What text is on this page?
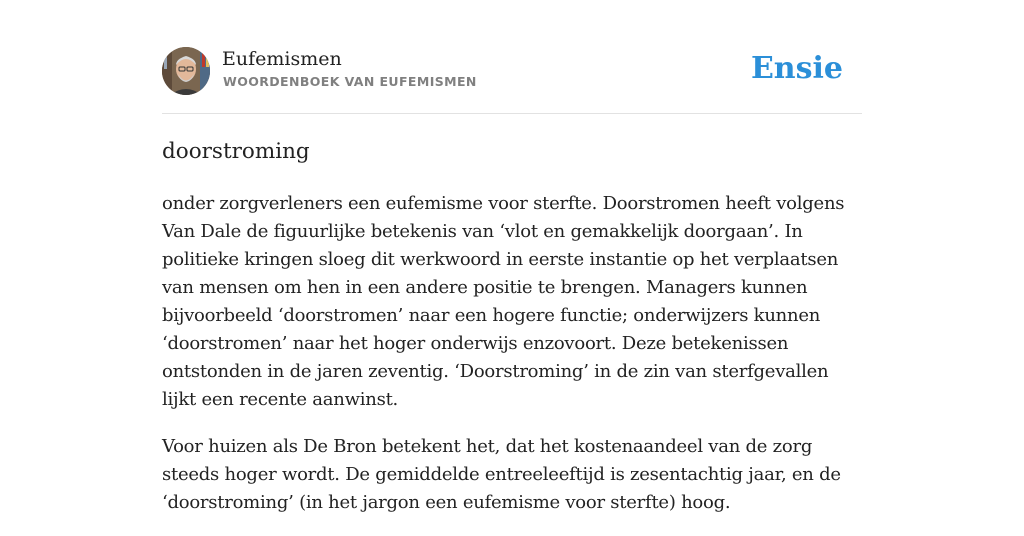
Eufemismen
WOORDENBOEK VAN EUFEMISMEN	Ensie
doorstroming

onder zorgverleners een eufemisme voor sterfte. Doorstromen heeft volgens Van Dale de figuurlijke betekenis van ‘vlot en gemakkelijk doorgaan’. In politieke kringen sloeg dit werkwoord in eerste instantie op het verplaatsen van mensen om hen in een andere positie te brengen. Managers kunnen bijvoorbeeld ‘doorstromen’ naar een hogere functie; onderwijzers kunnen ‘doorstromen’ naar het hoger onderwijs enzovoort. Deze betekenissen ontstonden in de jaren zeventig. ‘Doorstroming’ in de zin van sterfgevallen lijkt een recente aanwinst.

Voor huizen als De Bron betekent het, dat het kostenaandeel van de zorg steeds hoger wordt. De gemiddelde entreeleeftijd is zesentachtig jaar, en de ‘doorstroming’ (in het jargon een eufemisme voor sterfte) hoog.
